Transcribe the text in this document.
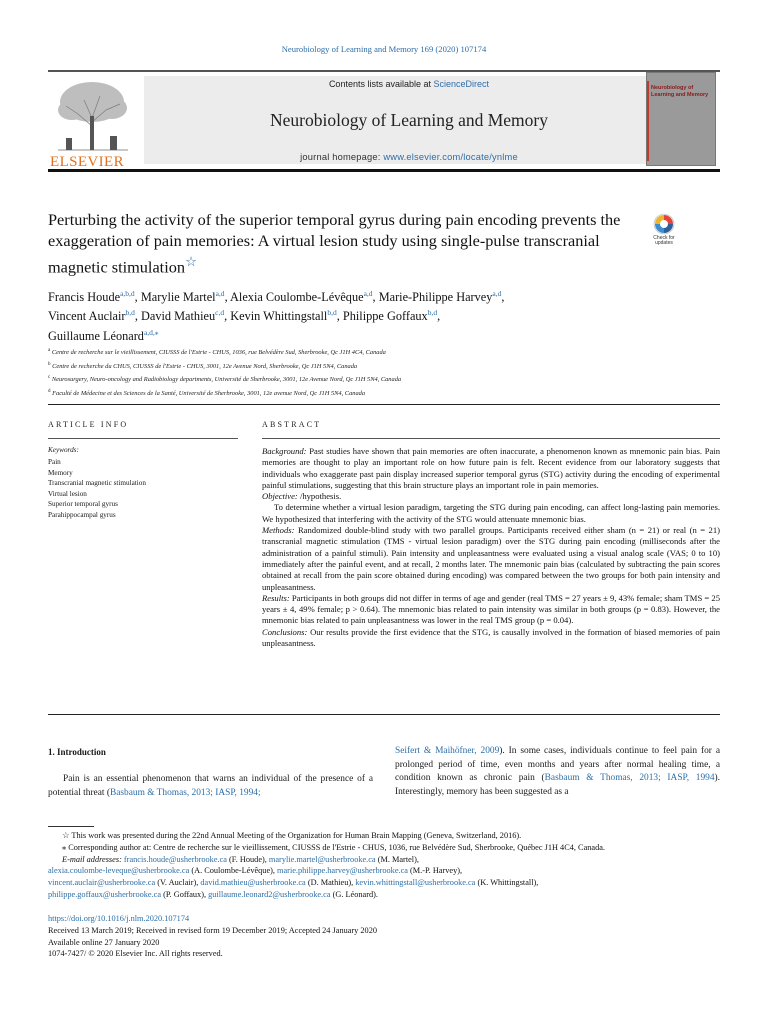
Neurobiology of Learning and Memory 169 (2020) 107174
ELSEVIER
Contents lists available at ScienceDirect
Neurobiology of Learning and Memory
journal homepage: www.elsevier.com/locate/ynlme
Neurobiology of Learning and Memory
Perturbing the activity of the superior temporal gyrus during pain encoding prevents the exaggeration of pain memories: A virtual lesion study using single-pulse transcranial magnetic stimulation☆
Check for updates
Francis Houde$^{a,b,d}$, Marylie Martel$^{a,d}$, Alexia Coulombe-Lévêque$^{a,d}$, Marie-Philippe Harvey$^{a,d}$,
Vincent Auclair$^{b,d}$, David Mathieu$^{c,d}$, Kevin Whittingstall$^{b,d}$, Philippe Goffaux$^{b,d}$,
Guillaume Léonard$^{a,d,⁎}$
$^a$ Centre de recherche sur le vieillissement, CIUSSS de l'Estrie - CHUS, 1036, rue Belvédère Sud, Sherbrooke, Qc J1H 4C4, Canada
$^b$ Centre de recherche du CHUS, CIUSSS de l'Estrie - CHUS, 3001, 12e Avenue Nord, Sherbrooke, Qc J1H 5N4, Canada
$^c$ Neurosurgery, Neuro-oncology and Radiobiology departments, Université de Sherbrooke, 3001, 12e Avenue Nord, Qc J1H 5N4, Canada
$^d$ Faculté de Médecine et des Sciences de la Santé, Université de Sherbrooke, 3001, 12e avenue Nord, Qc J1H 5N4, Canada
ARTICLE INFO
Keywords:
Pain
Memory
Transcranial magnetic stimulation
Virtual lesion
Superior temporal gyrus
Parahippocampal gyrus
ABSTRACT

Background: Past studies have shown that pain memories are often inaccurate, a phenomenon known as mnemonic pain bias. Pain memories are thought to play an important role on how future pain is felt. Recent evidence from our laboratory suggests that individuals who exaggerate past pain display increased superior temporal gyrus (STG) activity during the encoding of experimental painful stimulations, suggesting that this brain structure plays an important role in pain memories.

Objective: /hypothesis.

To determine whether a virtual lesion paradigm, targeting the STG during pain encoding, can affect long-lasting pain memories. We hypothesized that interfering with the activity of the STG would attenuate mnemonic bias.

Methods: Randomized double-blind study with two parallel groups. Participants received either sham (n = 21) or real (n = 21) transcranial magnetic stimulation (TMS - virtual lesion paradigm) over the STG during pain encoding (milliseconds after the administration of a painful stimuli). Pain intensity and unpleasantness were evaluated using a visual analog scale (VAS; 0 to 10) immediately after the painful event, and at recall, 2 months later. The mnemonic pain bias (calculated by subtracting the pain scores obtained at recall from the pain score obtained during encoding) was compared between the two groups for both pain intensity and unpleasantness.

Results: Participants in both groups did not differ in terms of age and gender (real TMS = 27 years ± 9, 43% female; sham TMS = 25 years ± 4, 49% female; p > 0.64). The mnemonic bias related to pain intensity was similar in both groups (p = 0.83). However, the mnemonic bias related to pain unpleasantness was lower in the real TMS group (p = 0.04).

Conclusions: Our results provide the first evidence that the STG, is causally involved in the formation of biased memories of pain unpleasantness.

1. Introduction

Pain is an essential phenomenon that warns an individual of the presence of a potential threat (Basbaum & Thomas, 2013; IASP, 1994;

Seifert & Maihöfner, 2009). In some cases, individuals continue to feel pain for a prolonged period of time, even months and years after normal healing time, a condition known as chronic pain (Basbaum & Thomas, 2013; IASP, 1994). Interestingly, memory has been suggested as a

☆ This work was presented during the 22nd Annual Meeting of the Organization for Human Brain Mapping (Geneva, Switzerland, 2016).
⁎ Corresponding author at: Centre de recherche sur le vieillissement, CIUSSS de l'Estrie - CHUS, 1036, rue Belvédère Sud, Sherbrooke, Québec J1H 4C4, Canada.
E-mail addresses: francis.houde@usherbrooke.ca (F. Houde), marylie.martel@usherbrooke.ca (M. Martel),
alexia.coulombe-leveque@usherbrooke.ca (A. Coulombe-Lévêque), marie.philippe.harvey@usherbrooke.ca (M.-P. Harvey),
vincent.auclair@usherbrooke.ca (V. Auclair), david.mathieu@usherbrooke.ca (D. Mathieu), kevin.whittingstall@usherbrooke.ca (K. Whittingstall),
philippe.goffaux@usherbrooke.ca (P. Goffaux), guillaume.leonard2@usherbrooke.ca (G. Léonard).
https://doi.org/10.1016/j.nlm.2020.107174
Received 13 March 2019; Received in revised form 19 December 2019; Accepted 24 January 2020
Available online 27 January 2020
1074-7427/ © 2020 Elsevier Inc. All rights reserved.
